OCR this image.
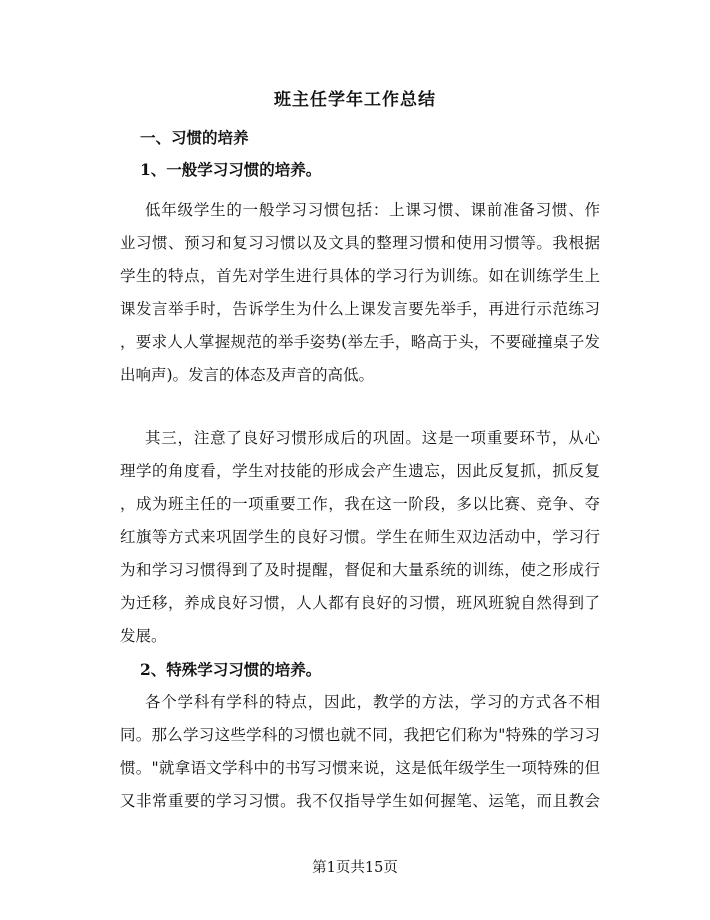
班主任学年工作总结
一、习惯的培养
1、一般学习习惯的培养。
低年级学生的一般学习习惯包括：上课习惯、课前准备习惯、作
业习惯、预习和复习习惯以及文具的整理习惯和使用习惯等。我根据
学生的特点，首先对学生进行具体的学习行为训练。如在训练学生上
课发言举手时，告诉学生为什么上课发言要先举手，再进行示范练习
，要求人人掌握规范的举手姿势(举左手，略高于头，不要碰撞桌子发
出响声)。发言的体态及声音的高低。
其三，注意了良好习惯形成后的巩固。这是一项重要环节，从心
理学的角度看，学生对技能的形成会产生遗忘，因此反复抓，抓反复
，成为班主任的一项重要工作，我在这一阶段，多以比赛、竞争、夺
红旗等方式来巩固学生的良好习惯。学生在师生双边活动中，学习行
为和学习习惯得到了及时提醒，督促和大量系统的训练，使之形成行
为迁移，养成良好习惯，人人都有良好的习惯，班风班貌自然得到了
发展。
2、特殊学习习惯的培养。
各个学科有学科的特点，因此，教学的方法，学习的方式各不相
同。那么学习这些学科的习惯也就不同，我把它们称为"特殊的学习习
惯。"就拿语文学科中的书写习惯来说，这是低年级学生一项特殊的但
又非常重要的学习习惯。我不仅指导学生如何握笔、运笔，而且教会
第1页共15页
